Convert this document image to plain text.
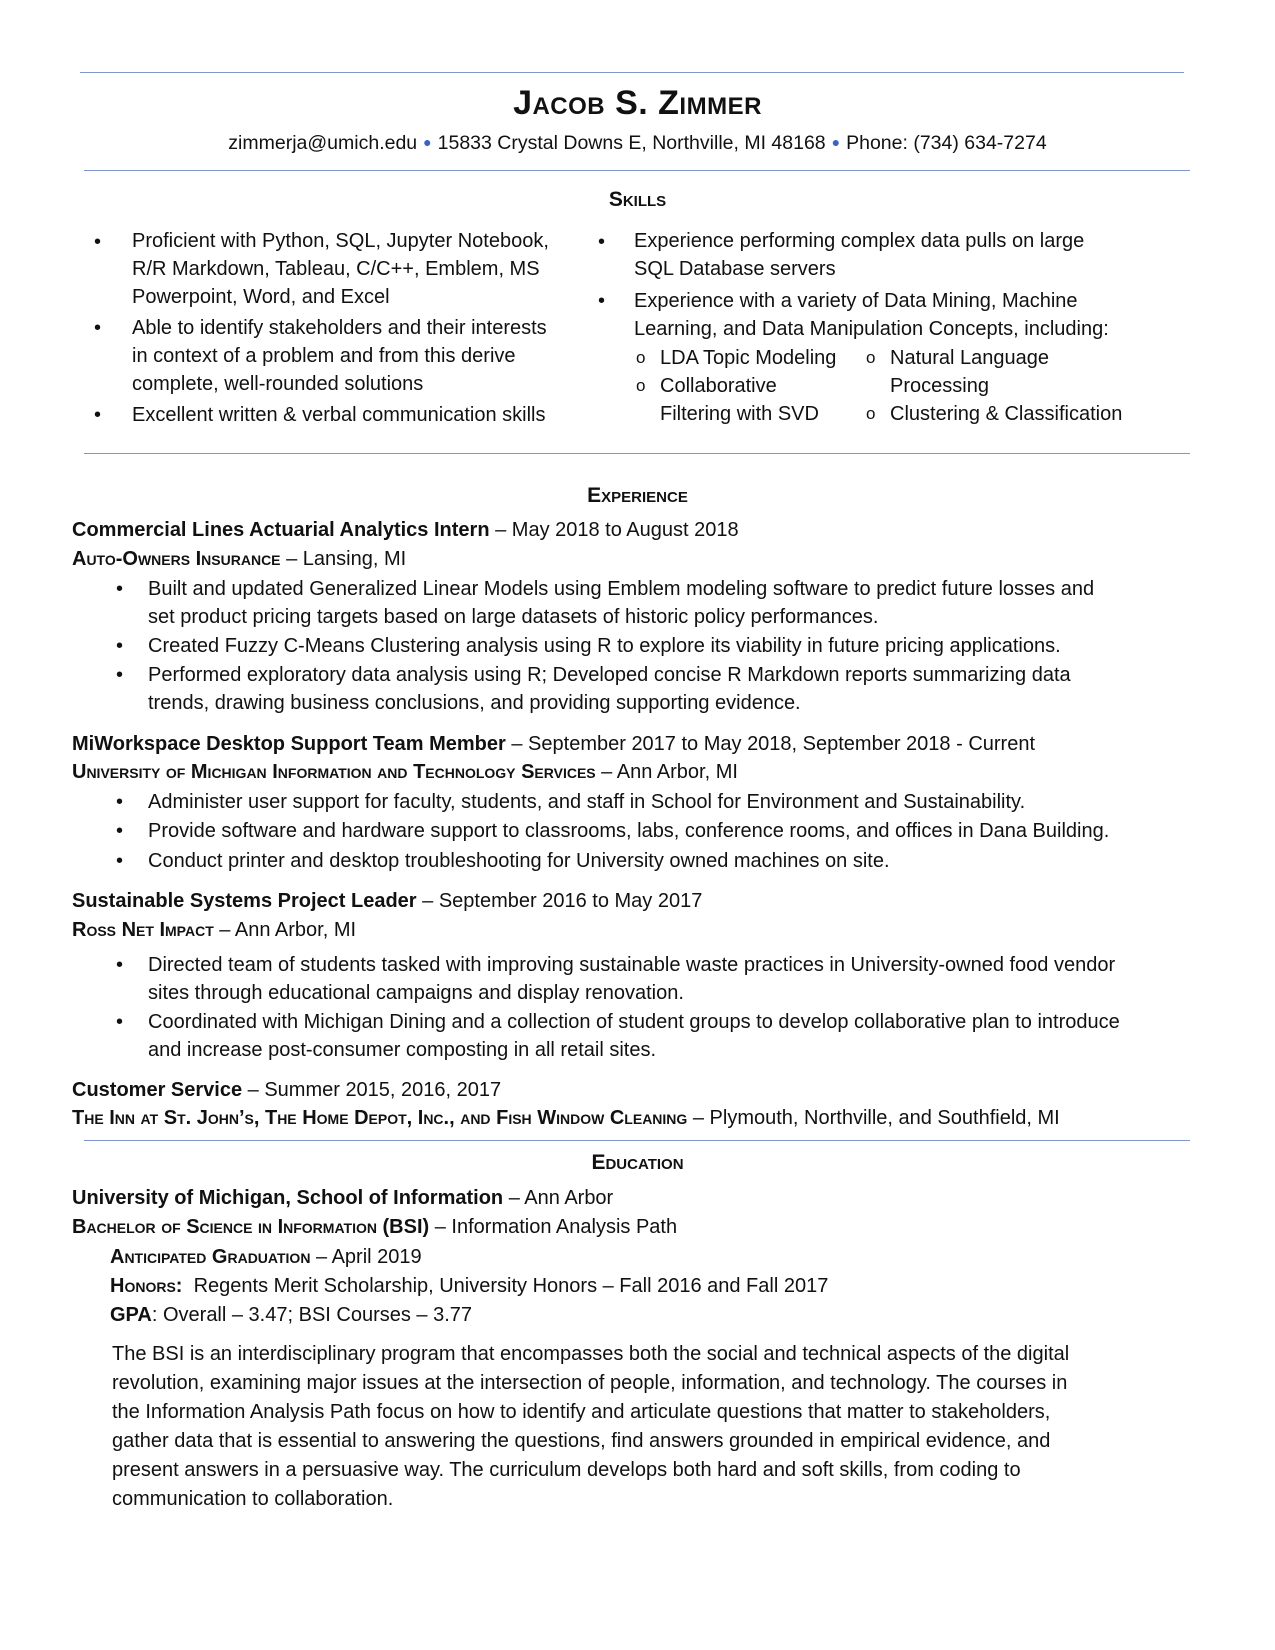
Jacob S. Zimmer
zimmerja@umich.edu ● 15833 Crystal Downs E, Northville, MI 48168 ● Phone: (734) 634-7274
Skills
• Proficient with Python, SQL, Jupyter Notebook,
R/R Markdown, Tableau, C/C++, Emblem, MS
Powerpoint, Word, and Excel
• Able to identify stakeholders and their interests
in context of a problem and from this derive
complete, well-rounded solutions
• Excellent written & verbal communication skills
• Experience performing complex data pulls on large
SQL Database servers
• Experience with a variety of Data Mining, Machine
Learning, and Data Manipulation Concepts, including:
o LDA Topic Modeling
o Collaborative
Filtering with SVD
o Natural Language
Processing
o Clustering & Classification
Experience
Commercial Lines Actuarial Analytics Intern – May 2018 to August 2018
Auto-Owners Insurance – Lansing, MI
• Built and updated Generalized Linear Models using Emblem modeling software to predict future losses and
set product pricing targets based on large datasets of historic policy performances.
• Created Fuzzy C-Means Clustering analysis using R to explore its viability in future pricing applications.
• Performed exploratory data analysis using R; Developed concise R Markdown reports summarizing data
trends, drawing business conclusions, and providing supporting evidence.
MiWorkspace Desktop Support Team Member – September 2017 to May 2018, September 2018 - Current
University of Michigan Information and Technology Services – Ann Arbor, MI
• Administer user support for faculty, students, and staff in School for Environment and Sustainability.
• Provide software and hardware support to classrooms, labs, conference rooms, and offices in Dana Building.
• Conduct printer and desktop troubleshooting for University owned machines on site.
Sustainable Systems Project Leader – September 2016 to May 2017
Ross Net Impact – Ann Arbor, MI
• Directed team of students tasked with improving sustainable waste practices in University-owned food vendor
sites through educational campaigns and display renovation.
• Coordinated with Michigan Dining and a collection of student groups to develop collaborative plan to introduce
and increase post-consumer composting in all retail sites.
Customer Service – Summer 2015, 2016, 2017
The Inn at St. John’s, The Home Depot, Inc., and Fish Window Cleaning – Plymouth, Northville, and Southfield, MI
Education
University of Michigan, School of Information – Ann Arbor
Bachelor of Science in Information (BSI) – Information Analysis Path
Anticipated Graduation – April 2019
Honors: Regents Merit Scholarship, University Honors – Fall 2016 and Fall 2017
GPA: Overall – 3.47; BSI Courses – 3.77
The BSI is an interdisciplinary program that encompasses both the social and technical aspects of the digital
revolution, examining major issues at the intersection of people, information, and technology. The courses in
the Information Analysis Path focus on how to identify and articulate questions that matter to stakeholders,
gather data that is essential to answering the questions, find answers grounded in empirical evidence, and
present answers in a persuasive way. The curriculum develops both hard and soft skills, from coding to
communication to collaboration.
